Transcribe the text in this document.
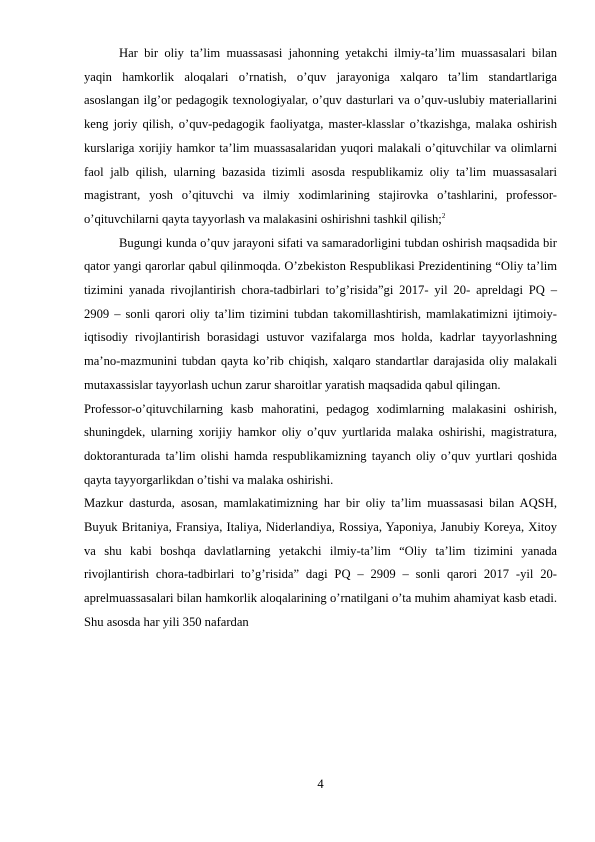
Har bir oliy ta’lim muassasasi jahonning yetakchi ilmiy-ta’lim muassasalari bilan yaqin hamkorlik aloqalari o’rnatish, o’quv jarayoniga xalqaro ta’lim standartlariga asoslangan ilg’or pedagogik texnologiyalar, o’quv dasturlari va o’quv-uslubiy materiallarini keng joriy qilish, o’quv-pedagogik faoliyatga, master-klasslar o’tkazishga, malaka oshirish kurslariga xorijiy hamkor ta’lim muassasalaridan yuqori malakali o’qituvchilar va olimlarni faol jalb qilish, ularning bazasida tizimli asosda respublikamiz oliy ta’lim muassasalari magistrant, yosh o’qituvchi va ilmiy xodimlarining stajirovka o’tashlarini, professor-o’qituvchilarni qayta tayyorlash va malakasini oshirishni tashkil qilish;$^2$

Bugungi kunda o’quv jarayoni sifati va samaradorligini tubdan oshirish maqsadida bir qator yangi qarorlar qabul qilinmoqda. O’zbekiston Respublikasi Prezidentining “Oliy ta’lim tizimini yanada rivojlantirish chora-tadbirlari to’g’risida”gi 2017- yil 20- apreldagi PQ – 2909 – sonli qarori oliy ta’lim tizimini tubdan takomillashtirish, mamlakatimizni ijtimoiy-iqtisodiy rivojlantirish borasidagi ustuvor vazifalarga mos holda, kadrlar tayyorlashning ma’no-mazmunini tubdan qayta ko’rib chiqish, xalqaro standartlar darajasida oliy malakali mutaxassislar tayyorlash uchun zarur sharoitlar yaratish maqsadida qabul qilingan.

Professor-o’qituvchilarning kasb mahoratini, pedagog xodimlarning malakasini oshirish, shuningdek, ularning xorijiy hamkor oliy o’quv yurtlarida malaka oshirishi, magistratura, doktoranturada ta’lim olishi hamda respublikamizning tayanch oliy o’quv yurtlari qoshida qayta tayyorgarlikdan o’tishi va malaka oshirishi.

Mazkur dasturda, asosan, mamlakatimizning har bir oliy ta’lim muassasasi bilan AQSH, Buyuk Britaniya, Fransiya, Italiya, Niderlandiya, Rossiya, Yaponiya, Janubiy Koreya, Xitoy va shu kabi boshqa davlatlarning yetakchi ilmiy-ta’lim “Oliy ta’lim tizimini yanada rivojlantirish chora-tadbirlari to’g’risida” dagi PQ – 2909 – sonli qarori 2017 -yil 20- aprelmuassasalari bilan hamkorlik aloqalarining o’rnatilgani o’ta muhim ahamiyat kasb etadi. Shu asosda har yili 350 nafardan

4
